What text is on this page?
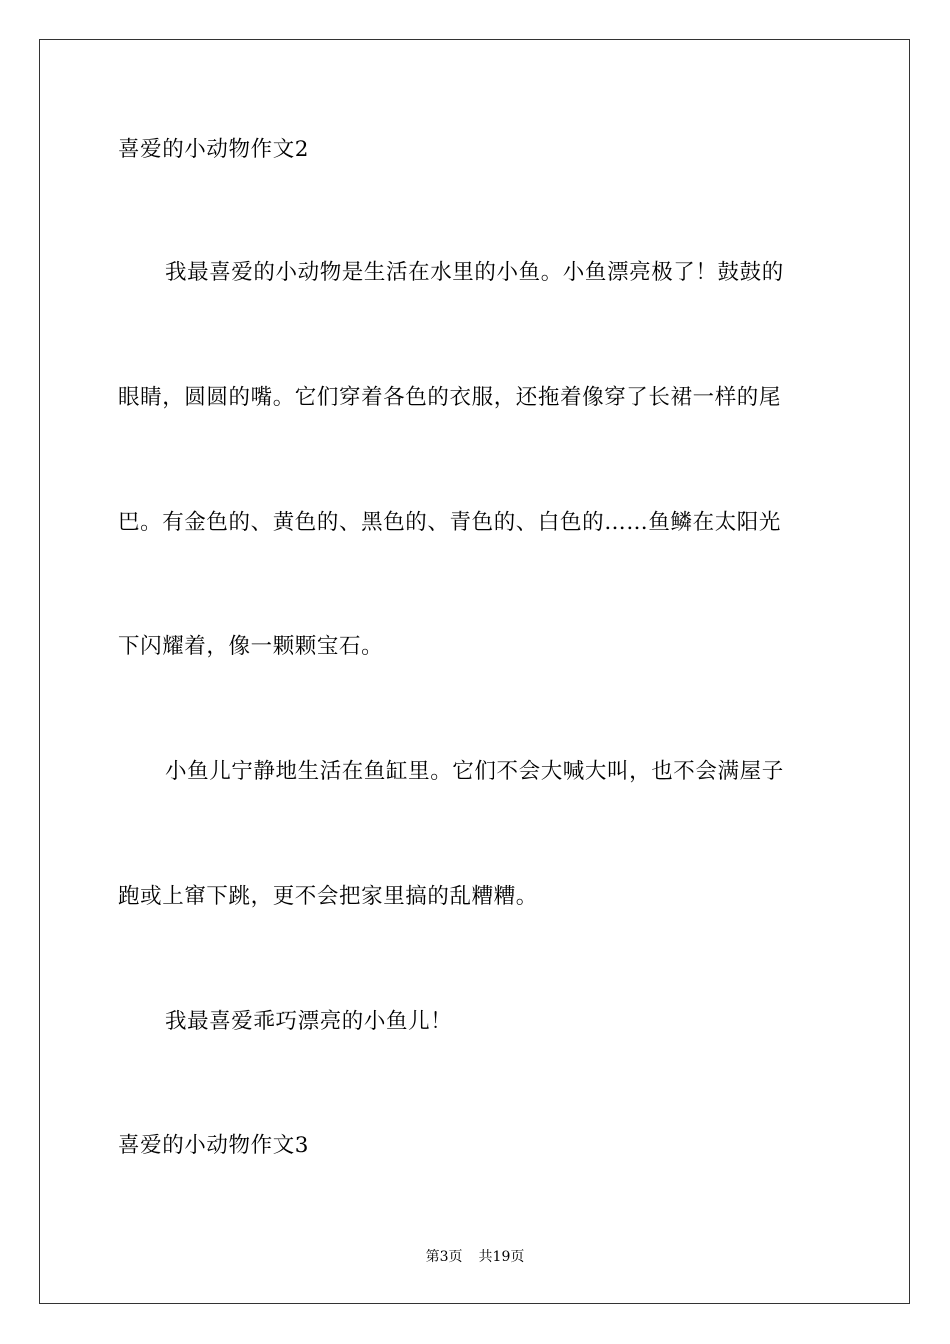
喜爱的小动物作文2
我最喜爱的小动物是生活在水里的小鱼。小鱼漂亮极了！鼓鼓的
眼睛，圆圆的嘴。它们穿着各色的衣服，还拖着像穿了长裙一样的尾
巴。有金色的、黄色的、黑色的、青色的、白色的……鱼鳞在太阳光
下闪耀着，像一颗颗宝石。
小鱼儿宁静地生活在鱼缸里。它们不会大喊大叫，也不会满屋子
跑或上窜下跳，更不会把家里搞的乱糟糟。
我最喜爱乖巧漂亮的小鱼儿！
喜爱的小动物作文3
第3页 共19页
